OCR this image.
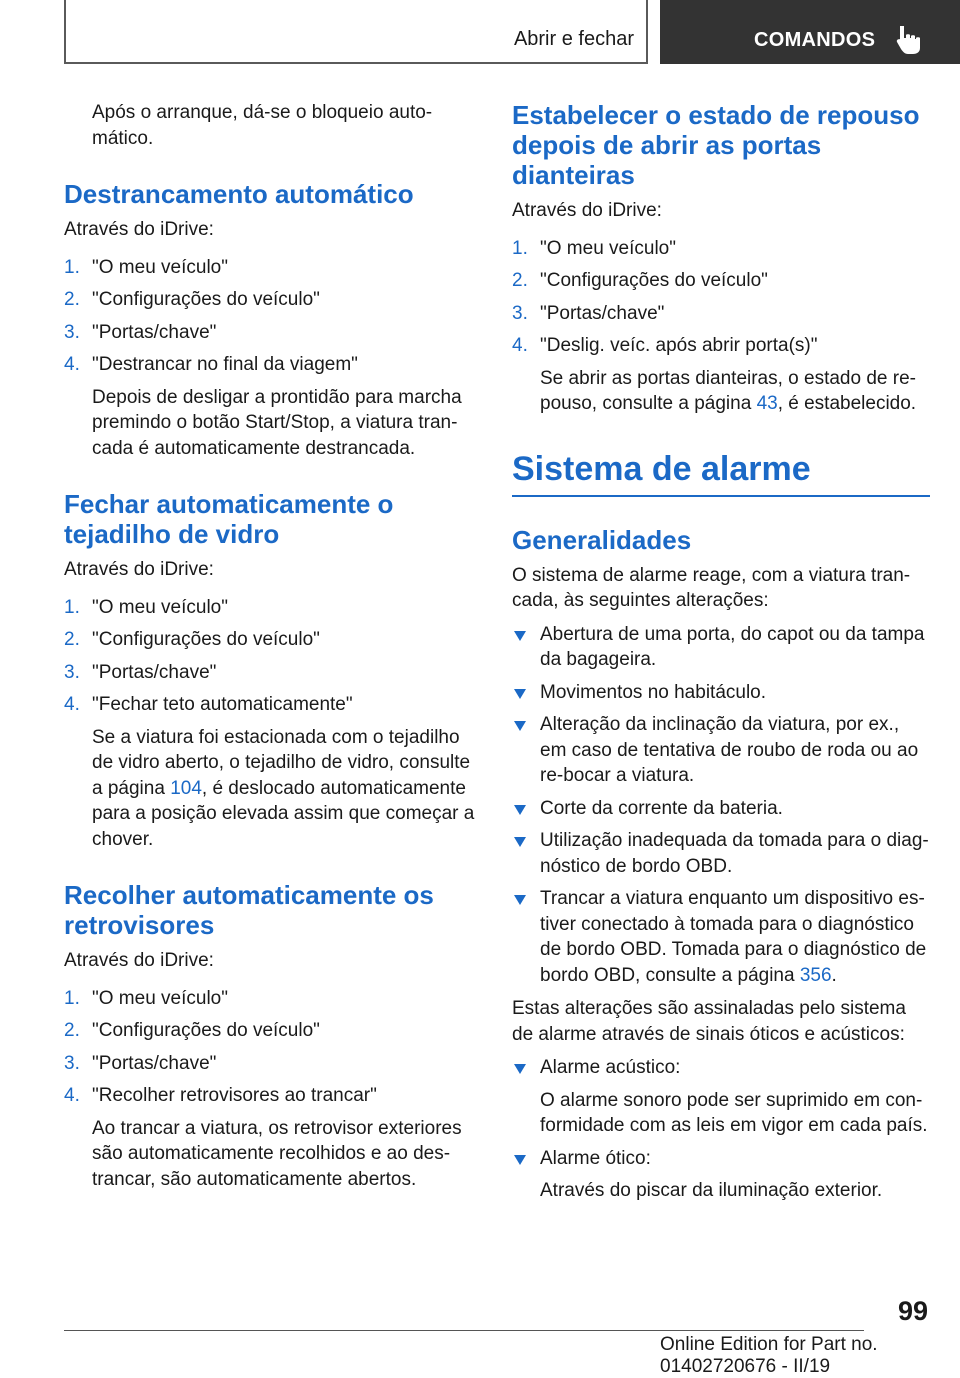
Abrir e fechar	COMANDOS

Após o arranque, dá-se o bloqueio auto-mático.

Destrancamento automático

Através do iDrive:

1. "O meu veículo"
2. "Configurações do veículo"
3. "Portas/chave"
4. "Destrancar no final da viagem"
Depois de desligar a prontidão para marcha premindo o botão Start/Stop, a viatura tran-cada é automaticamente destrancada.
Fechar automaticamente o tejadilho de vidro

Através do iDrive:

1. "O meu veículo"
2. "Configurações do veículo"
3. "Portas/chave"
4. "Fechar teto automaticamente"
Se a viatura foi estacionada com o tejadilho de vidro aberto, o tejadilho de vidro, consulte a página 104, é deslocado automaticamente para a posição elevada assim que começar a chover.
Recolher automaticamente os retrovisores

Através do iDrive:

1. "O meu veículo"
2. "Configurações do veículo"
3. "Portas/chave"
4. "Recolher retrovisores ao trancar"
Ao trancar a viatura, os retrovisor exteriores são automaticamente recolhidos e ao des-trancar, são automaticamente abertos.
Estabelecer o estado de repouso depois de abrir as portas dianteiras

Através do iDrive:

1. "O meu veículo"
2. "Configurações do veículo"
3. "Portas/chave"
4. "Deslig. veíc. após abrir porta(s)"
Se abrir as portas dianteiras, o estado de re-pouso, consulte a página 43, é estabelecido.
Sistema de alarme
Generalidades

O sistema de alarme reage, com a viatura tran-cada, às seguintes alterações:

Abertura de uma porta, do capot ou da tampa da bagageira.
Movimentos no habitáculo.
Alteração da inclinação da viatura, por ex., em caso de tentativa de roubo de roda ou ao re-bocar a viatura.
Corte da corrente da bateria.
Utilização inadequada da tomada para o diag-nóstico de bordo OBD.
Trancar a viatura enquanto um dispositivo es-tiver conectado à tomada para o diagnóstico de bordo OBD. Tomada para o diagnóstico de bordo OBD, consulte a página 356.

Estas alterações são assinaladas pelo sistema de alarme através de sinais óticos e acústicos:

Alarme acústico:
O alarme sonoro pode ser suprimido em con-formidade com as leis em vigor em cada país.
Alarme ótico:
Através do piscar da iluminação exterior.
99
Online Edition for Part no. 01402720676 - II/19
